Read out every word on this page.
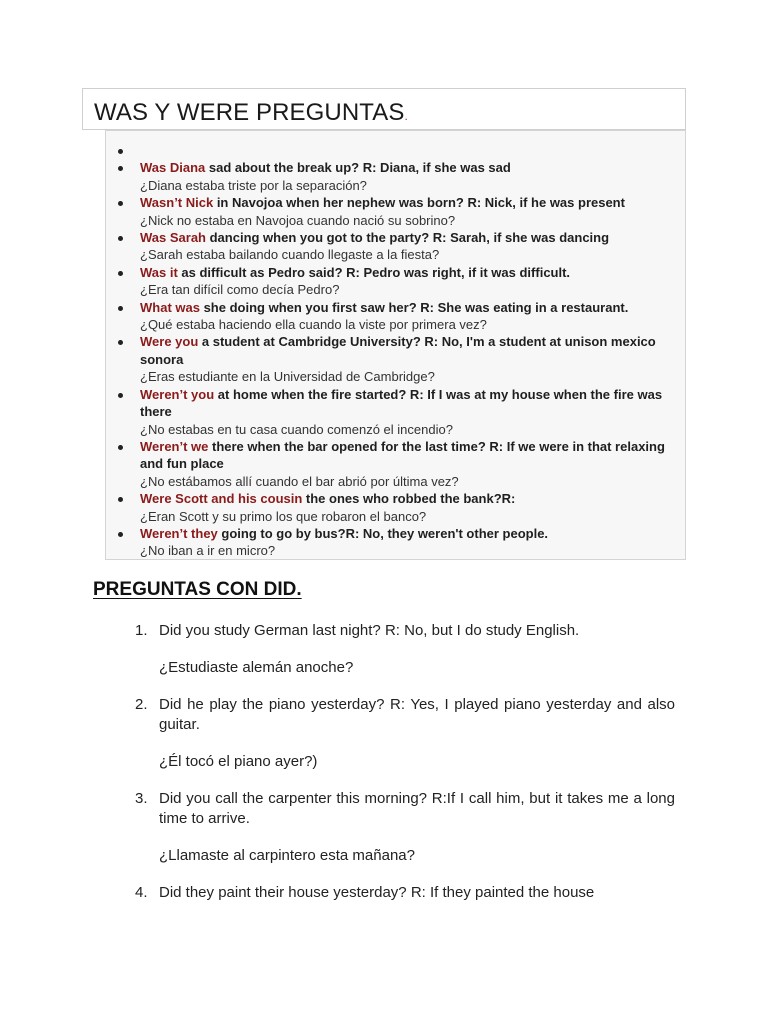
WAS Y WERE PREGUNTAS.

Was Diana sad about the break up? R: Diana, if she was sad
¿Diana estaba triste por la separación?
Wasn’t Nick in Navojoa when her nephew was born? R: Nick, if he was present
¿Nick no estaba en Navojoa cuando nació su sobrino?
Was Sarah dancing when you got to the party? R: Sarah, if she was dancing
¿Sarah estaba bailando cuando llegaste a la fiesta?
Was it as difficult as Pedro said? R: Pedro was right, if it was difficult.
¿Era tan difícil como decía Pedro?
What was she doing when you first saw her? R: She was eating in a restaurant.
¿Qué estaba haciendo ella cuando la viste por primera vez?
Were you a student at Cambridge University? R: No, I'm a student at unison mexico sonora
¿Eras estudiante en la Universidad de Cambridge?
Weren’t you at home when the fire started? R: If I was at my house when the fire was there
¿No estabas en tu casa cuando comenzó el incendio?
Weren’t we there when the bar opened for the last time? R: If we were in that relaxing and fun place
¿No estábamos allí cuando el bar abrió por última vez?
Were Scott and his cousin the ones who robbed the bank?R:
¿Eran Scott y su primo los que robaron el banco?
Weren’t they going to go by bus?R: No, they weren't other people.
¿No iban a ir en micro?
PREGUNTAS CON DID.
1. Did you study German last night? R: No, but I do study English.
¿Estudiaste alemán anoche?
2. Did he play the piano yesterday? R: Yes, I played piano yesterday and also guitar.
¿Él tocó el piano ayer?)
3. Did you call the carpenter this morning? R:If I call him, but it takes me a long time to arrive.
¿Llamaste al carpintero esta mañana?
4. Did they paint their house yesterday? R: If they painted the house
